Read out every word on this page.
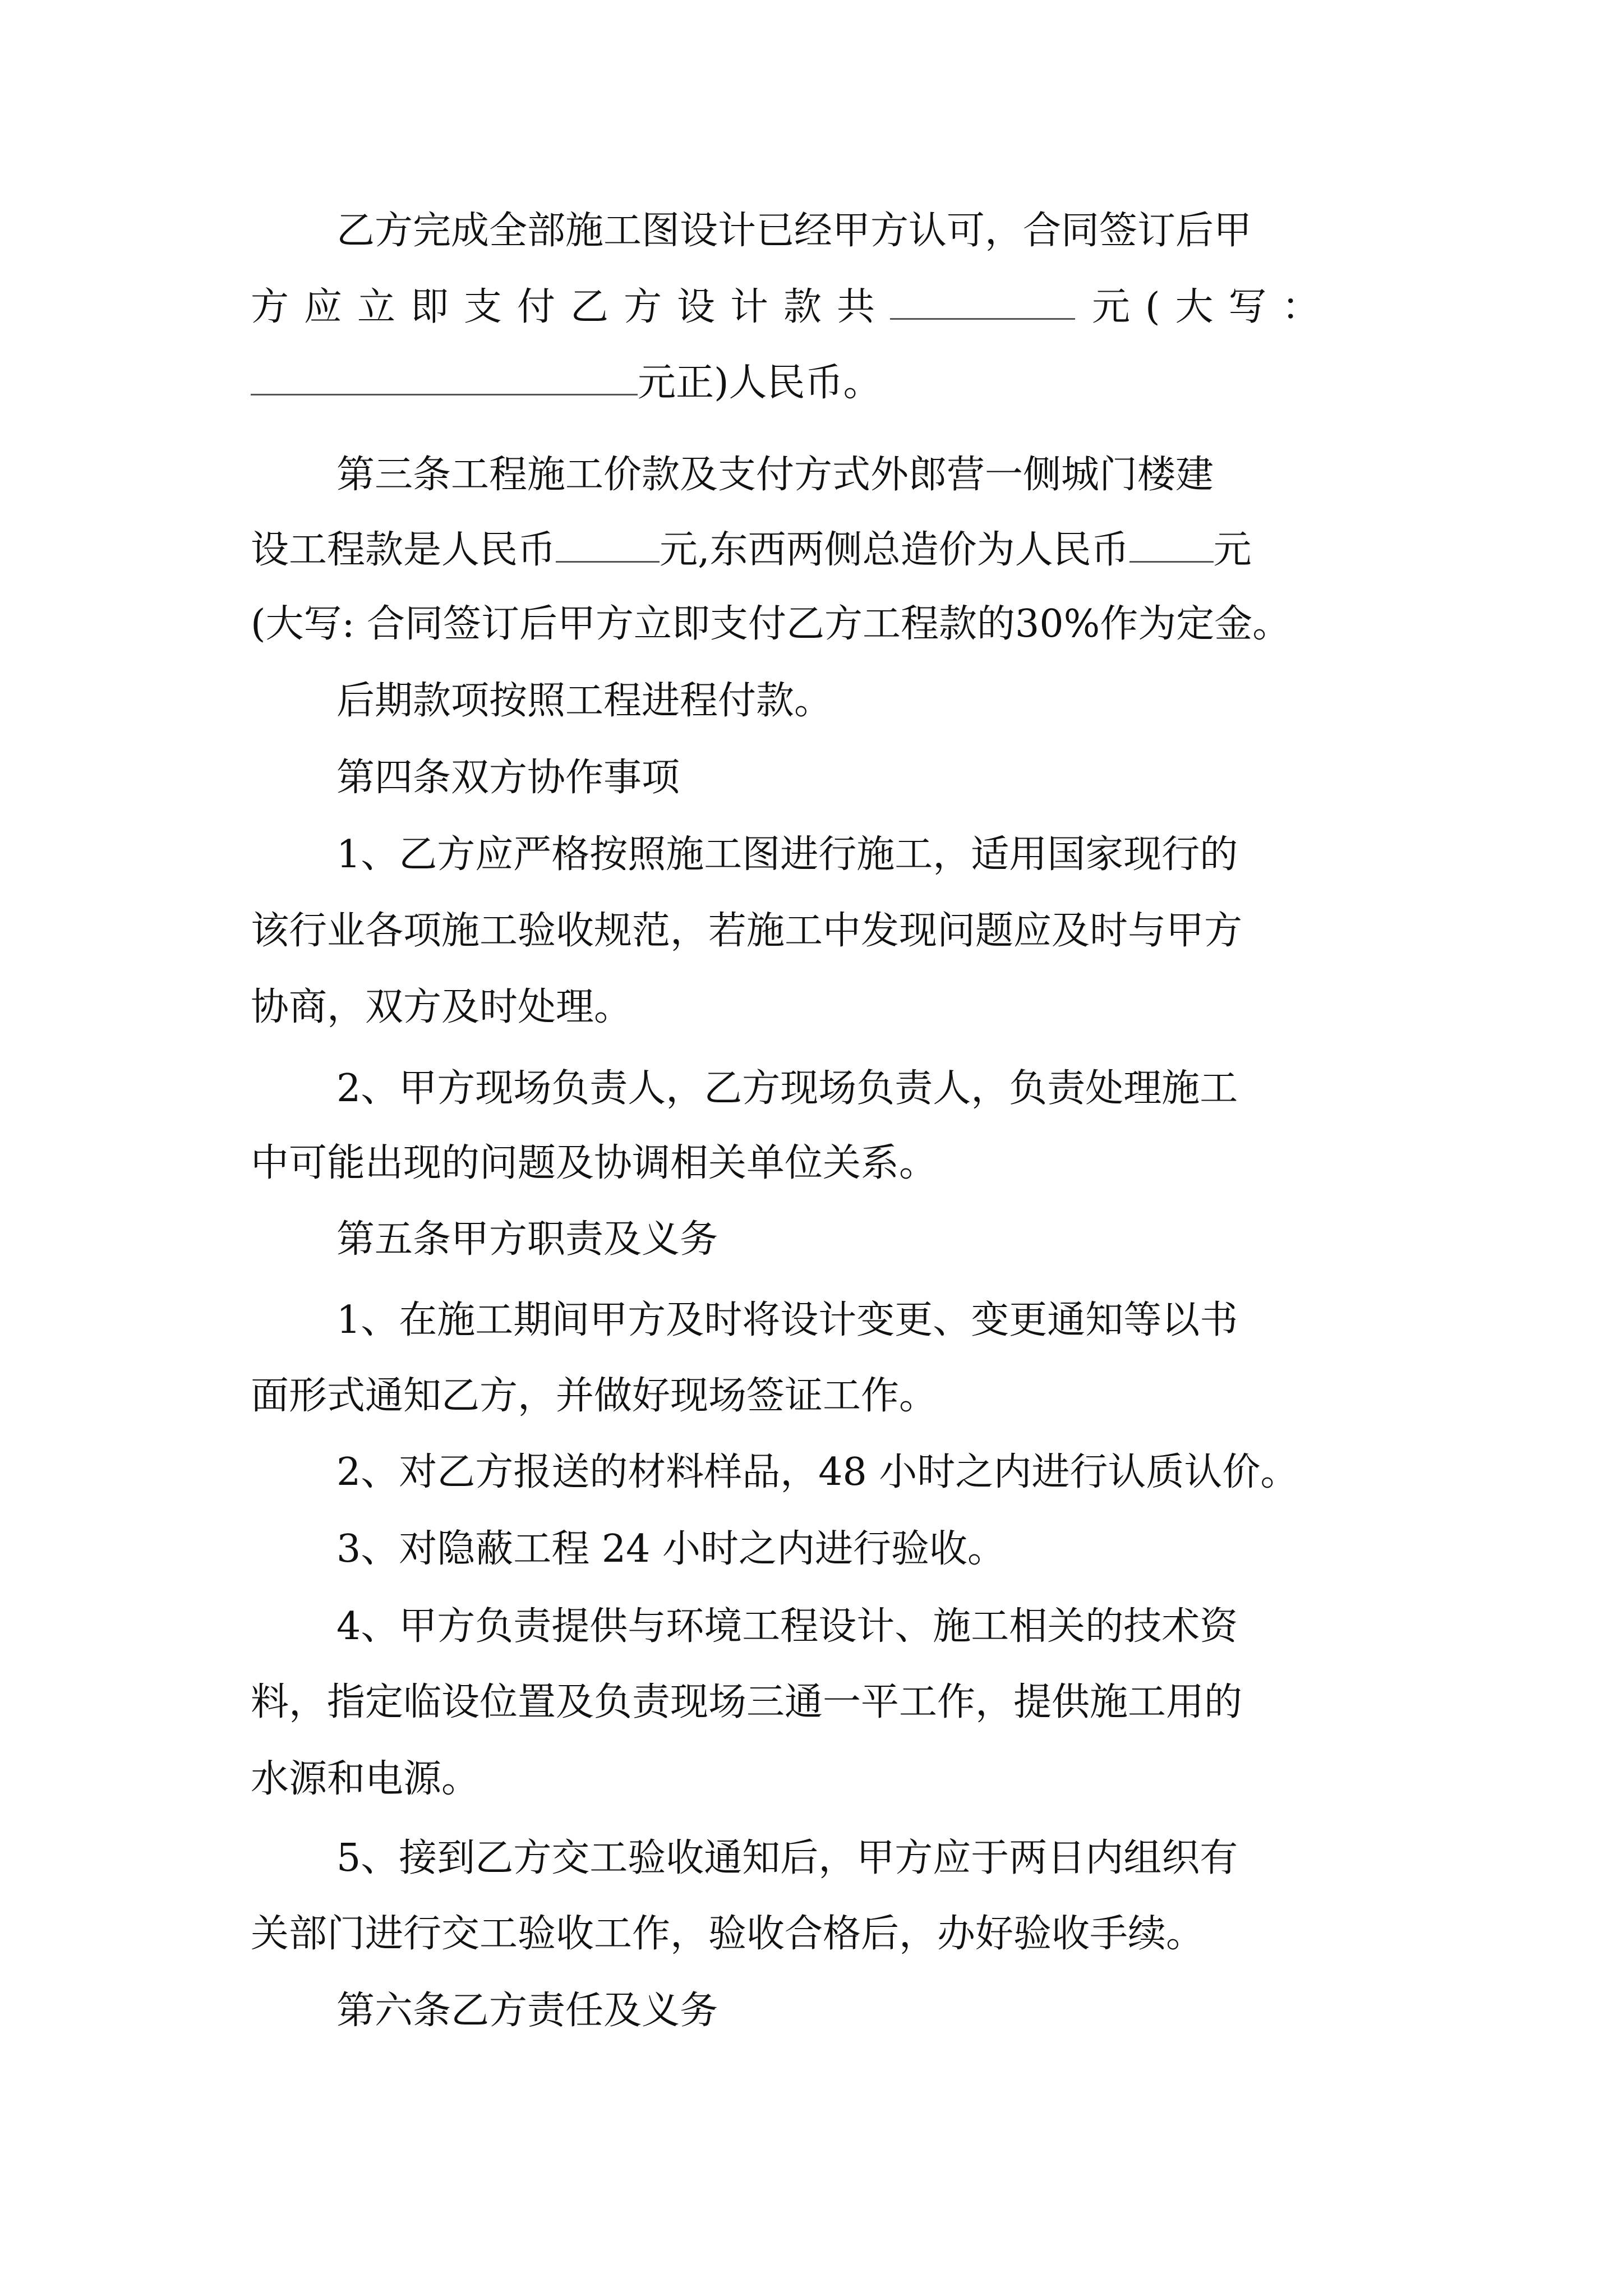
乙方完成全部施工图设计已经甲方认可，合同签订后甲
方应立即支付乙方设计款共	元(大写：
元正)人民币。
第三条工程施工价款及支付方式外郎营一侧城门楼建
设工程款是人民币	元,东西两侧总造价为人民币 元
(大写: 合同签订后甲方立即支付乙方工程款的30%作为定金。
后期款项按照工程进程付款。
第四条双方协作事项
1、乙方应严格按照施工图进行施工，适用国家现行的
该行业各项施工验收规范，若施工中发现问题应及时与甲方
协商，双方及时处理。
2、甲方现场负责人，乙方现场负责人，负责处理施工
中可能出现的问题及协调相关单位关系。
第五条甲方职责及义务
1、在施工期间甲方及时将设计变更、变更通知等以书
面形式通知乙方，并做好现场签证工作。
2、对乙方报送的材料样品，48 小时之内进行认质认价。
3、对隐蔽工程 24 小时之内进行验收。
4、甲方负责提供与环境工程设计、施工相关的技术资
料，指定临设位置及负责现场三通一平工作，提供施工用的
水源和电源。
5、接到乙方交工验收通知后，甲方应于两日内组织有
关部门进行交工验收工作，验收合格后，办好验收手续。
第六条乙方责任及义务
